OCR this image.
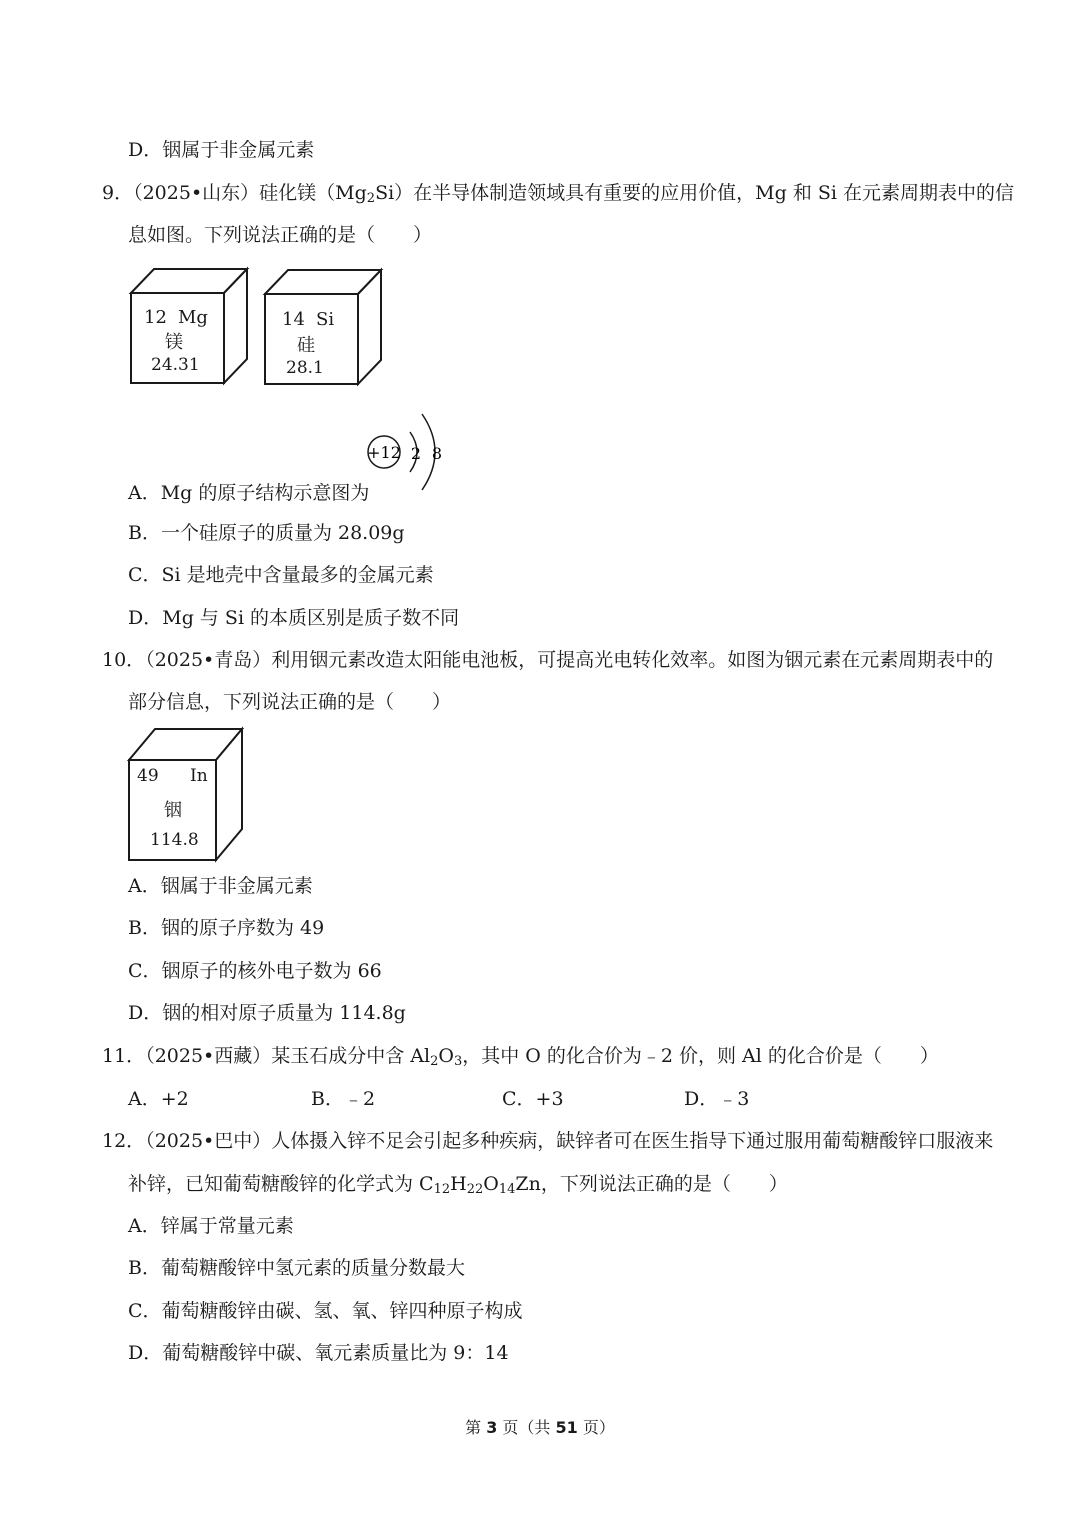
D．铟属于非金属元素
9．（2025•山东）硅化镁$(Mg_2Si)$在半导体制造领域具有重要的应用价值，Mg 和 Si 在元素周期表中的信
息如图。下列说法正确的是（　　）
12 Mg
镁
24.31
14 Si
硅
28.1
+12 2 8
A．Mg 的原子结构示意图为
B．一个硅原子的质量为 28.09g
C．Si 是地壳中含量最多的金属元素
D．Mg 与 Si 的本质区别是质子数不同
10．（2025•青岛）利用铟元素改造太阳能电池板，可提高光电转化效率。如图为铟元素在元素周期表中的
部分信息，下列说法正确的是（　　）
49 In
铟
114.8
A．铟属于非金属元素
B．铟的原子序数为 49
C．铟原子的核外电子数为 66
D．铟的相对原子质量为 114.8g
11．（2025•西藏）某玉石成分中含 $Al_2O_3$，其中 O 的化合价为﹣2 价，则 Al 的化合价是（　　）
A．+2	B．﹣2	C．+3	D．﹣3
12．（2025•巴中）人体摄入锌不足会引起多种疾病，缺锌者可在医生指导下通过服用葡萄糖酸锌口服液来
补锌，已知葡萄糖酸锌的化学式为 $C_{12}H_{22}O_{14}Zn$，下列说法正确的是（　　）
A．锌属于常量元素
B．葡萄糖酸锌中氢元素的质量分数最大
C．葡萄糖酸锌由碳、氢、氧、锌四种原子构成
D．葡萄糖酸锌中碳、氧元素质量比为 9：14
第 3 页（共 51 页）
